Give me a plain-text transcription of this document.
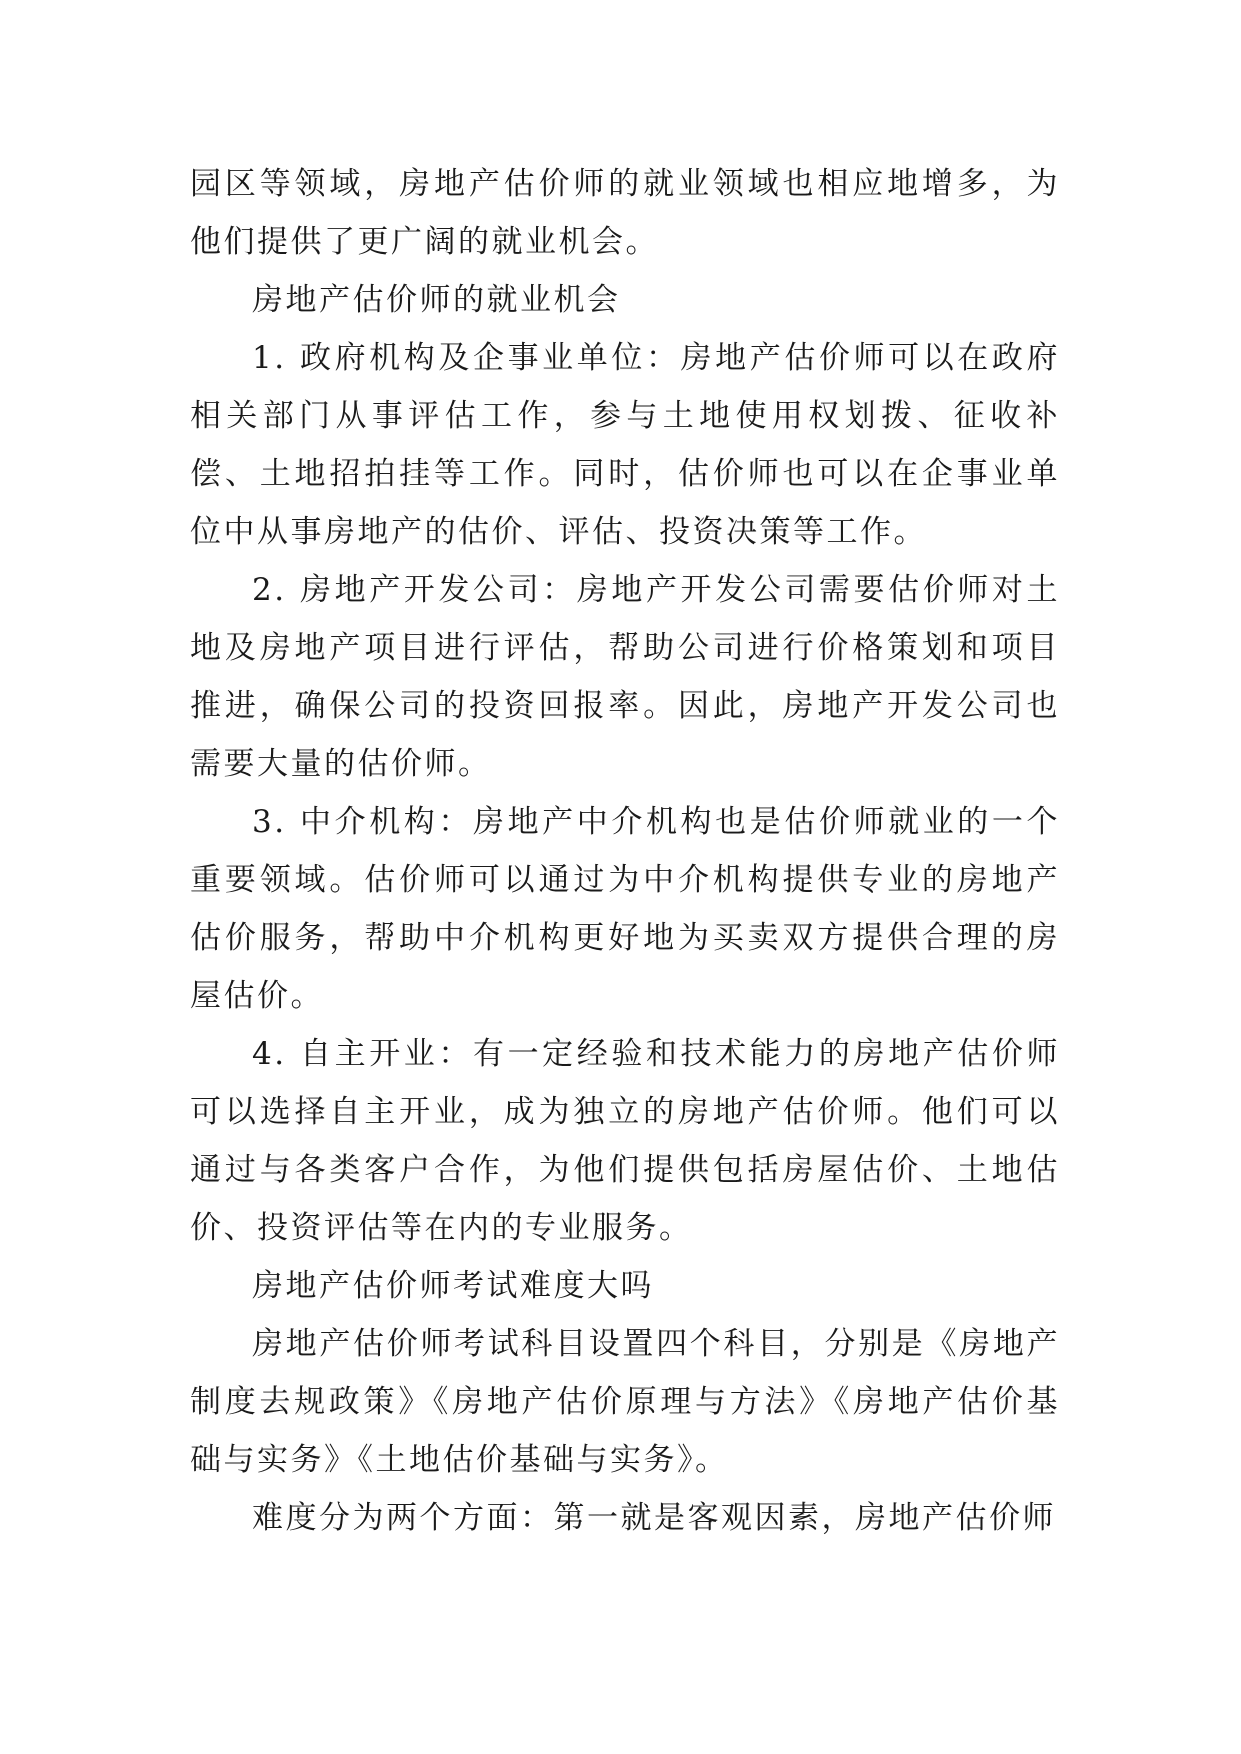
园区等领域，房地产估价师的就业领域也相应地增多，为他们提供了更广阔的就业机会。

房地产估价师的就业机会

1. 政府机构及企事业单位：房地产估价师可以在政府相关部门从事评估工作，参与土地使用权划拨、征收补偿、土地招拍挂等工作。同时，估价师也可以在企事业单位中从事房地产的估价、评估、投资决策等工作。

2. 房地产开发公司：房地产开发公司需要估价师对土地及房地产项目进行评估，帮助公司进行价格策划和项目推进，确保公司的投资回报率。因此，房地产开发公司也需要大量的估价师。

3. 中介机构：房地产中介机构也是估价师就业的一个重要领域。估价师可以通过为中介机构提供专业的房地产估价服务，帮助中介机构更好地为买卖双方提供合理的房屋估价。

4. 自主开业：有一定经验和技术能力的房地产估价师可以选择自主开业，成为独立的房地产估价师。他们可以通过与各类客户合作，为他们提供包括房屋估价、土地估价、投资评估等在内的专业服务。

房地产估价师考试难度大吗

房地产估价师考试科目设置四个科目，分别是《房地产制度去规政策》《房地产估价原理与方法》《房地产估价基础与实务》《土地估价基础与实务》。

难度分为两个方面：第一就是客观因素，房地产估价师
